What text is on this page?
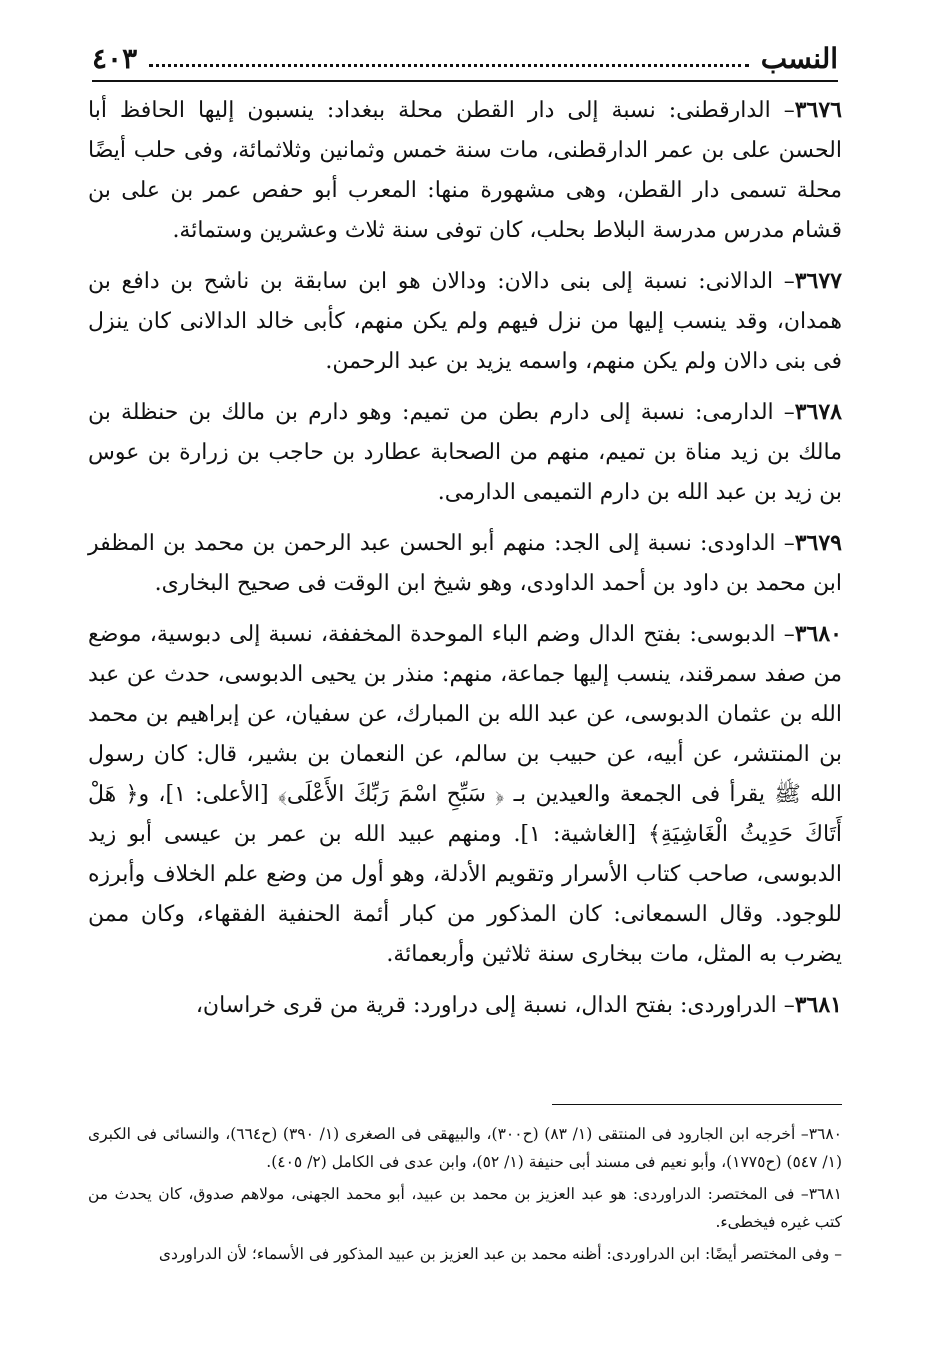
النسب
٤٠٣

٣٦٧٦– الدارقطنى: نسبة إلى دار القطن محلة ببغداد: ينسبون إليها الحافظ أبا الحسن على بن عمر الدارقطنى، مات سنة خمس وثمانين وثلاثمائة، وفى حلب أيضًا محلة تسمى دار القطن، وهى مشهورة منها: المعرب أبو حفص عمر بن على بن قشام مدرس مدرسة البلاط بحلب، كان توفى سنة ثلاث وعشرين وستمائة.

٣٦٧٧– الدالانى: نسبة إلى بنى دالان: ودالان هو ابن سابقة بن ناشح بن دافع بن همدان، وقد ينسب إليها من نزل فيهم ولم يكن منهم، كأبى خالد الدالانى كان ينزل فى بنى دالان ولم يكن منهم، واسمه يزيد بن عبد الرحمن.

٣٦٧٨– الدارمى: نسبة إلى دارم بطن من تميم: وهو دارم بن مالك بن حنظلة بن مالك بن زيد مناة بن تميم، منهم من الصحابة عطارد بن حاجب بن زرارة بن عوس بن زيد بن عبد الله بن دارم التميمى الدارمى.

٣٦٧٩– الداودى: نسبة إلى الجد: منهم أبو الحسن عبد الرحمن بن محمد بن المظفر ابن محمد بن داود بن أحمد الداودى، وهو شيخ ابن الوقت فى صحيح البخارى.

٣٦٨٠– الدبوسى: بفتح الدال وضم الباء الموحدة المخففة، نسبة إلى دبوسية، موضع من صفد سمرقند، ينسب إليها جماعة، منهم: منذر بن يحيى الدبوسى، حدث عن عبد الله بن عثمان الدبوسى، عن عبد الله بن المبارك، عن سفيان، عن إبراهيم بن محمد بن المنتشر، عن أبيه، عن حبيب بن سالم، عن النعمان بن بشير، قال: كان رسول الله ﷺ يقرأ فى الجمعة والعيدين بـ ﴿ سَبِّحِ اسْمَ رَبِّكَ الأَعْلَى﴾ [الأعلى: ١]، و﴿ هَلْ أَتَاكَ حَدِيثُ الْغَاشِيَةِ﴾ [الغاشية: ١]. ومنهم عبيد الله بن عمر بن عيسى أبو زيد الدبوسى، صاحب كتاب الأسرار وتقويم الأدلة، وهو أول من وضع علم الخلاف وأبرزه للوجود. وقال السمعانى: كان المذكور من كبار أئمة الحنفية الفقهاء، وكان ممن يضرب به المثل، مات ببخارى سنة ثلاثين وأربعمائة.

٣٦٨١– الدراوردى: بفتح الدال، نسبة إلى دراورد: قرية من قرى خراسان،

٣٦٨٠– أخرجه ابن الجارود فى المنتقى (١/ ٨٣) (ح٣٠٠)، والبيهقى فى الصغرى (١/ ٣٩٠) (ح٦٦٤)، والنسائى فى الكبرى (١/ ٥٤٧) (ح١٧٧٥)، وأبو نعيم فى مسند أبى حنيفة (١/ ٥٢)، وابن عدى فى الكامل (٢/ ٤٠٥).

٣٦٨١– فى المختصر: الدراوردى: هو عبد العزيز بن محمد بن عبيد، أبو محمد الجهنى، مولاهم صدوق، كان يحدث من كتب غيره فيخطىء.

– وفى المختصر أيضًا: ابن الدراوردى: أظنه محمد بن عبد العزيز بن عبيد المذكور فى الأسماء؛ لأن الدراوردى
